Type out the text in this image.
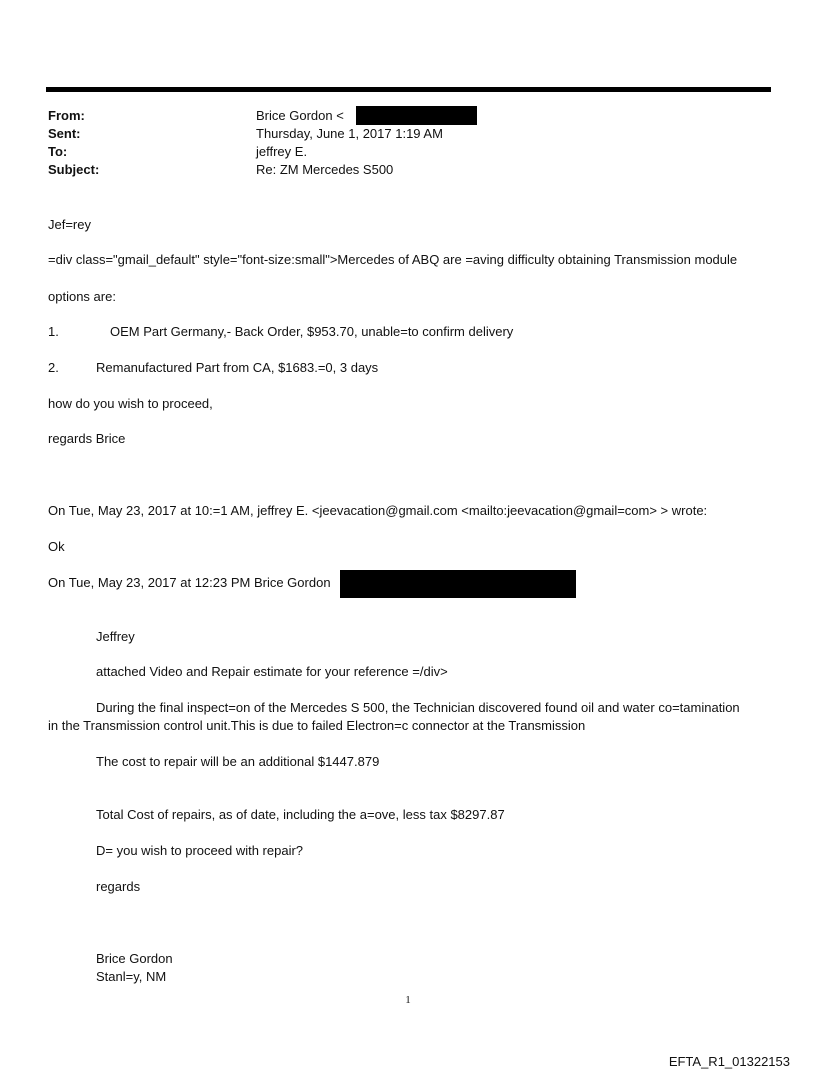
From:	Brice Gordon <
Sent:	Thursday, June 1, 2017 1:19 AM
To:	jeffrey E.
Subject:	Re: ZM Mercedes S500
Jef=rey
=div class="gmail_default" style="font-size:small">Mercedes of ABQ are =aving difficulty obtaining Transmission module
options are:
1.	OEM Part Germany,- Back Order, $953.70, unable=to confirm delivery
2.	Remanufactured Part from CA, $1683.=0, 3 days
how do you wish to proceed,
regards Brice
On Tue, May 23, 2017 at 10:=1 AM, jeffrey E. <jeevacation@gmail.com <mailto:jeevacation@gmail=com> > wrote:
Ok
On Tue, May 23, 2017 at 12:23 PM Brice Gordon
Jeffrey
attached Video and Repair estimate for your reference =/div>
During the final inspect=on of the Mercedes S 500, the Technician discovered found oil and water co=tamination
in the Transmission control unit.This is due to failed Electron=c connector at the Transmission
The cost to repair will be an additional $1447.879
Total Cost of repairs, as of date, including the a=ove, less tax $8297.87
D= you wish to proceed with repair?
regards
Brice Gordon
Stanl=y, NM
1
EFTA_R1_01322153
